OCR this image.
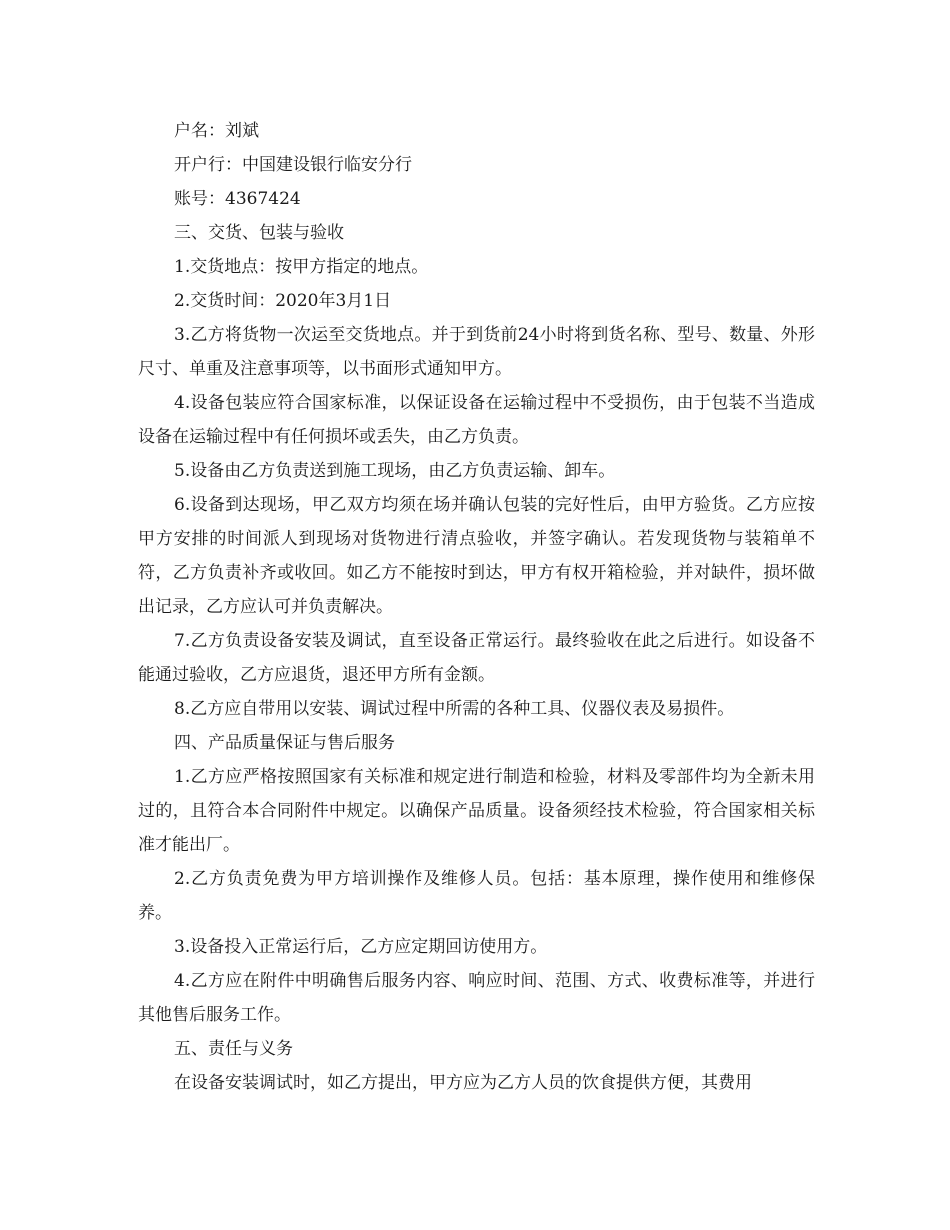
户名：刘斌

开户行：中国建设银行临安分行

账号：4367424

三、交货、包装与验收

1.交货地点：按甲方指定的地点。

2.交货时间：2020年3月1日

3.乙方将货物一次运至交货地点。并于到货前24小时将到货名称、型号、数量、外形尺寸、单重及注意事项等，以书面形式通知甲方。

4.设备包装应符合国家标准，以保证设备在运输过程中不受损伤，由于包装不当造成设备在运输过程中有任何损坏或丢失，由乙方负责。

5.设备由乙方负责送到施工现场，由乙方负责运输、卸车。

6.设备到达现场，甲乙双方均须在场并确认包装的完好性后，由甲方验货。乙方应按甲方安排的时间派人到现场对货物进行清点验收，并签字确认。若发现货物与装箱单不符，乙方负责补齐或收回。如乙方不能按时到达，甲方有权开箱检验，并对缺件，损坏做出记录，乙方应认可并负责解决。

7.乙方负责设备安装及调试，直至设备正常运行。最终验收在此之后进行。如设备不能通过验收，乙方应退货，退还甲方所有金额。

8.乙方应自带用以安装、调试过程中所需的各种工具、仪器仪表及易损件。

四、产品质量保证与售后服务

1.乙方应严格按照国家有关标准和规定进行制造和检验，材料及零部件均为全新未用过的，且符合本合同附件中规定。以确保产品质量。设备须经技术检验，符合国家相关标准才能出厂。

2.乙方负责免费为甲方培训操作及维修人员。包括：基本原理，操作使用和维修保养。

3.设备投入正常运行后，乙方应定期回访使用方。

4.乙方应在附件中明确售后服务内容、响应时间、范围、方式、收费标准等，并进行其他售后服务工作。

五、责任与义务

在设备安装调试时，如乙方提出，甲方应为乙方人员的饮食提供方便，其费用
